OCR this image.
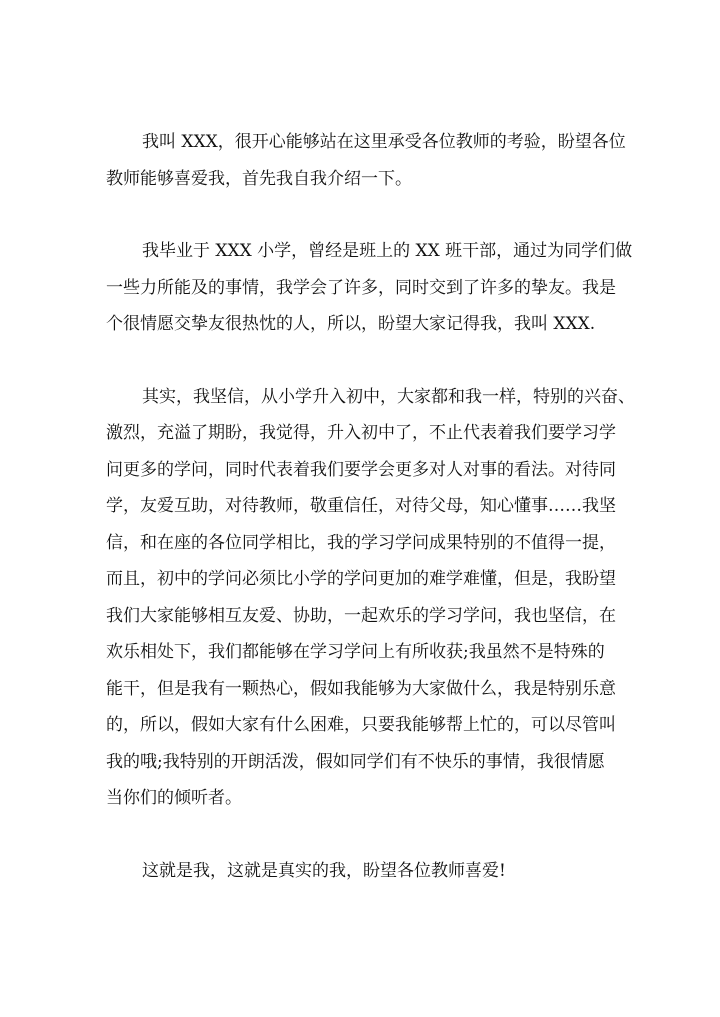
我叫 XXX，很开心能够站在这里承受各位教师的考验，盼望各位
教师能够喜爱我，首先我自我介绍一下。

我毕业于 XXX 小学，曾经是班上的 XX 班干部，通过为同学们做
一些力所能及的事情，我学会了许多，同时交到了许多的挚友。我是
个很情愿交挚友很热忱的人，所以，盼望大家记得我，我叫 XXX.

其实，我坚信，从小学升入初中，大家都和我一样，特别的兴奋、
激烈，充溢了期盼，我觉得，升入初中了，不止代表着我们要学习学
问更多的学问，同时代表着我们要学会更多对人对事的看法。对待同
学，友爱互助，对待教师，敬重信任，对待父母，知心懂事……我坚
信，和在座的各位同学相比，我的学习学问成果特别的不值得一提，
而且，初中的学问必须比小学的学问更加的难学难懂，但是，我盼望
我们大家能够相互友爱、协助，一起欢乐的学习学问，我也坚信，在
欢乐相处下，我们都能够在学习学问上有所收获;我虽然不是特殊的
能干，但是我有一颗热心，假如我能够为大家做什么，我是特别乐意
的，所以，假如大家有什么困难，只要我能够帮上忙的，可以尽管叫
我的哦;我特别的开朗活泼，假如同学们有不快乐的事情，我很情愿
当你们的倾听者。

这就是我，这就是真实的我，盼望各位教师喜爱!
